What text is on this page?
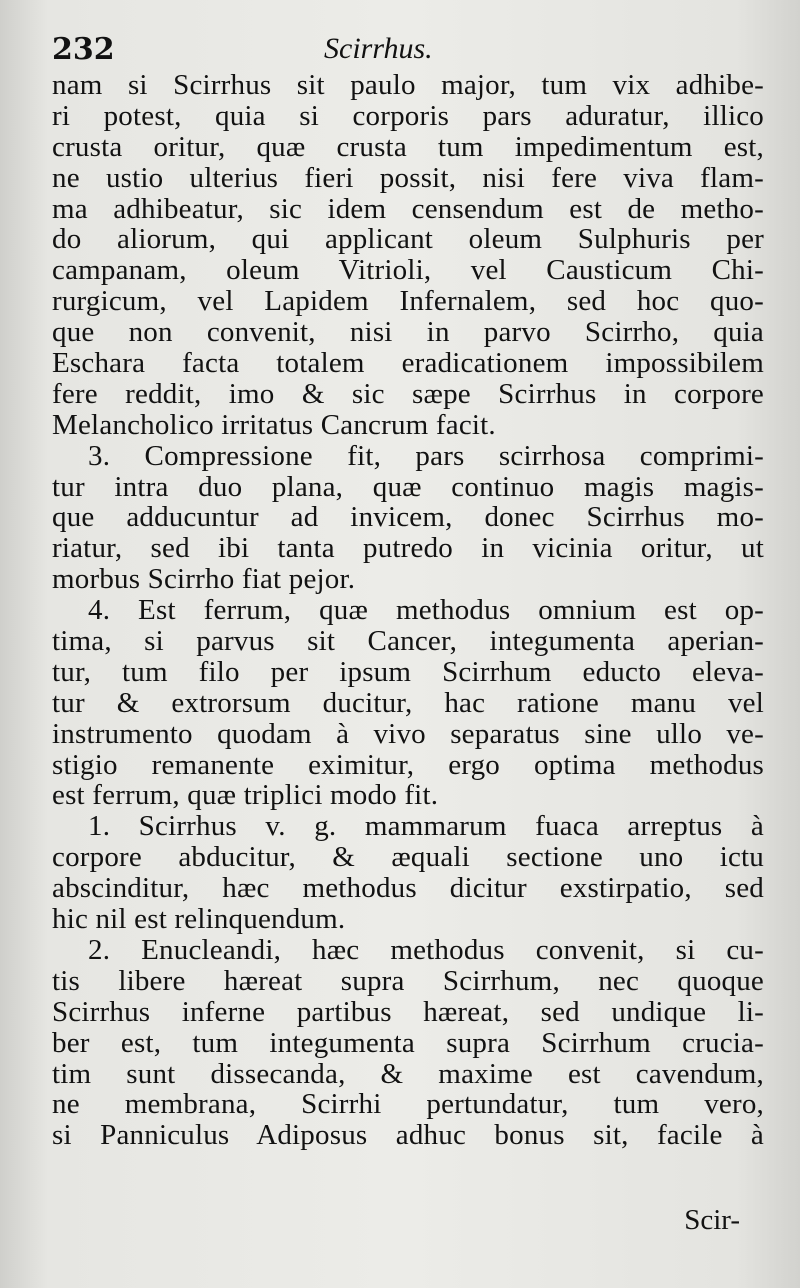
232	Scirrhus.
nam si Scirrhus sit paulo major, tum vix adhibe-
ri potest, quia si corporis pars aduratur, illico
crusta oritur, quæ crusta tum impedimentum est,
ne ustio ulterius fieri possit, nisi fere viva flam-
ma adhibeatur, sic idem censendum est de metho-
do aliorum, qui applicant oleum Sulphuris per
campanam, oleum Vitrioli, vel Causticum Chi-
rurgicum, vel Lapidem Infernalem, sed hoc quo-
que non convenit, nisi in parvo Scirrho, quia
Eschara facta totalem eradicationem impossibilem
fere reddit, imo & sic sæpe Scirrhus in corpore
Melancholico irritatus Cancrum facit.
3. Compressione fit, pars scirrhosa comprimi-
tur intra duo plana, quæ continuo magis magis-
que adducuntur ad invicem, donec Scirrhus mo-
riatur, sed ibi tanta putredo in vicinia oritur, ut
morbus Scirrho fiat pejor.
4. Est ferrum, quæ methodus omnium est op-
tima, si parvus sit Cancer, integumenta aperian-
tur, tum filo per ipsum Scirrhum educto eleva-
tur & extrorsum ducitur, hac ratione manu vel
instrumento quodam à vivo separatus sine ullo ve-
stigio remanente eximitur, ergo optima methodus
est ferrum, quæ triplici modo fit.
1. Scirrhus v. g. mammarum fuaca arreptus à
corpore abducitur, & æquali sectione uno ictu
abscinditur, hæc methodus dicitur exstirpatio, sed
hic nil est relinquendum.
2. Enucleandi, hæc methodus convenit, si cu-
tis libere hæreat supra Scirrhum, nec quoque
Scirrhus inferne partibus hæreat, sed undique li-
ber est, tum integumenta supra Scirrhum crucia-
tim sunt dissecanda, & maxime est cavendum,
ne membrana, Scirrhi pertundatur, tum vero,
si Panniculus Adiposus adhuc bonus sit, facile à
Scir-
